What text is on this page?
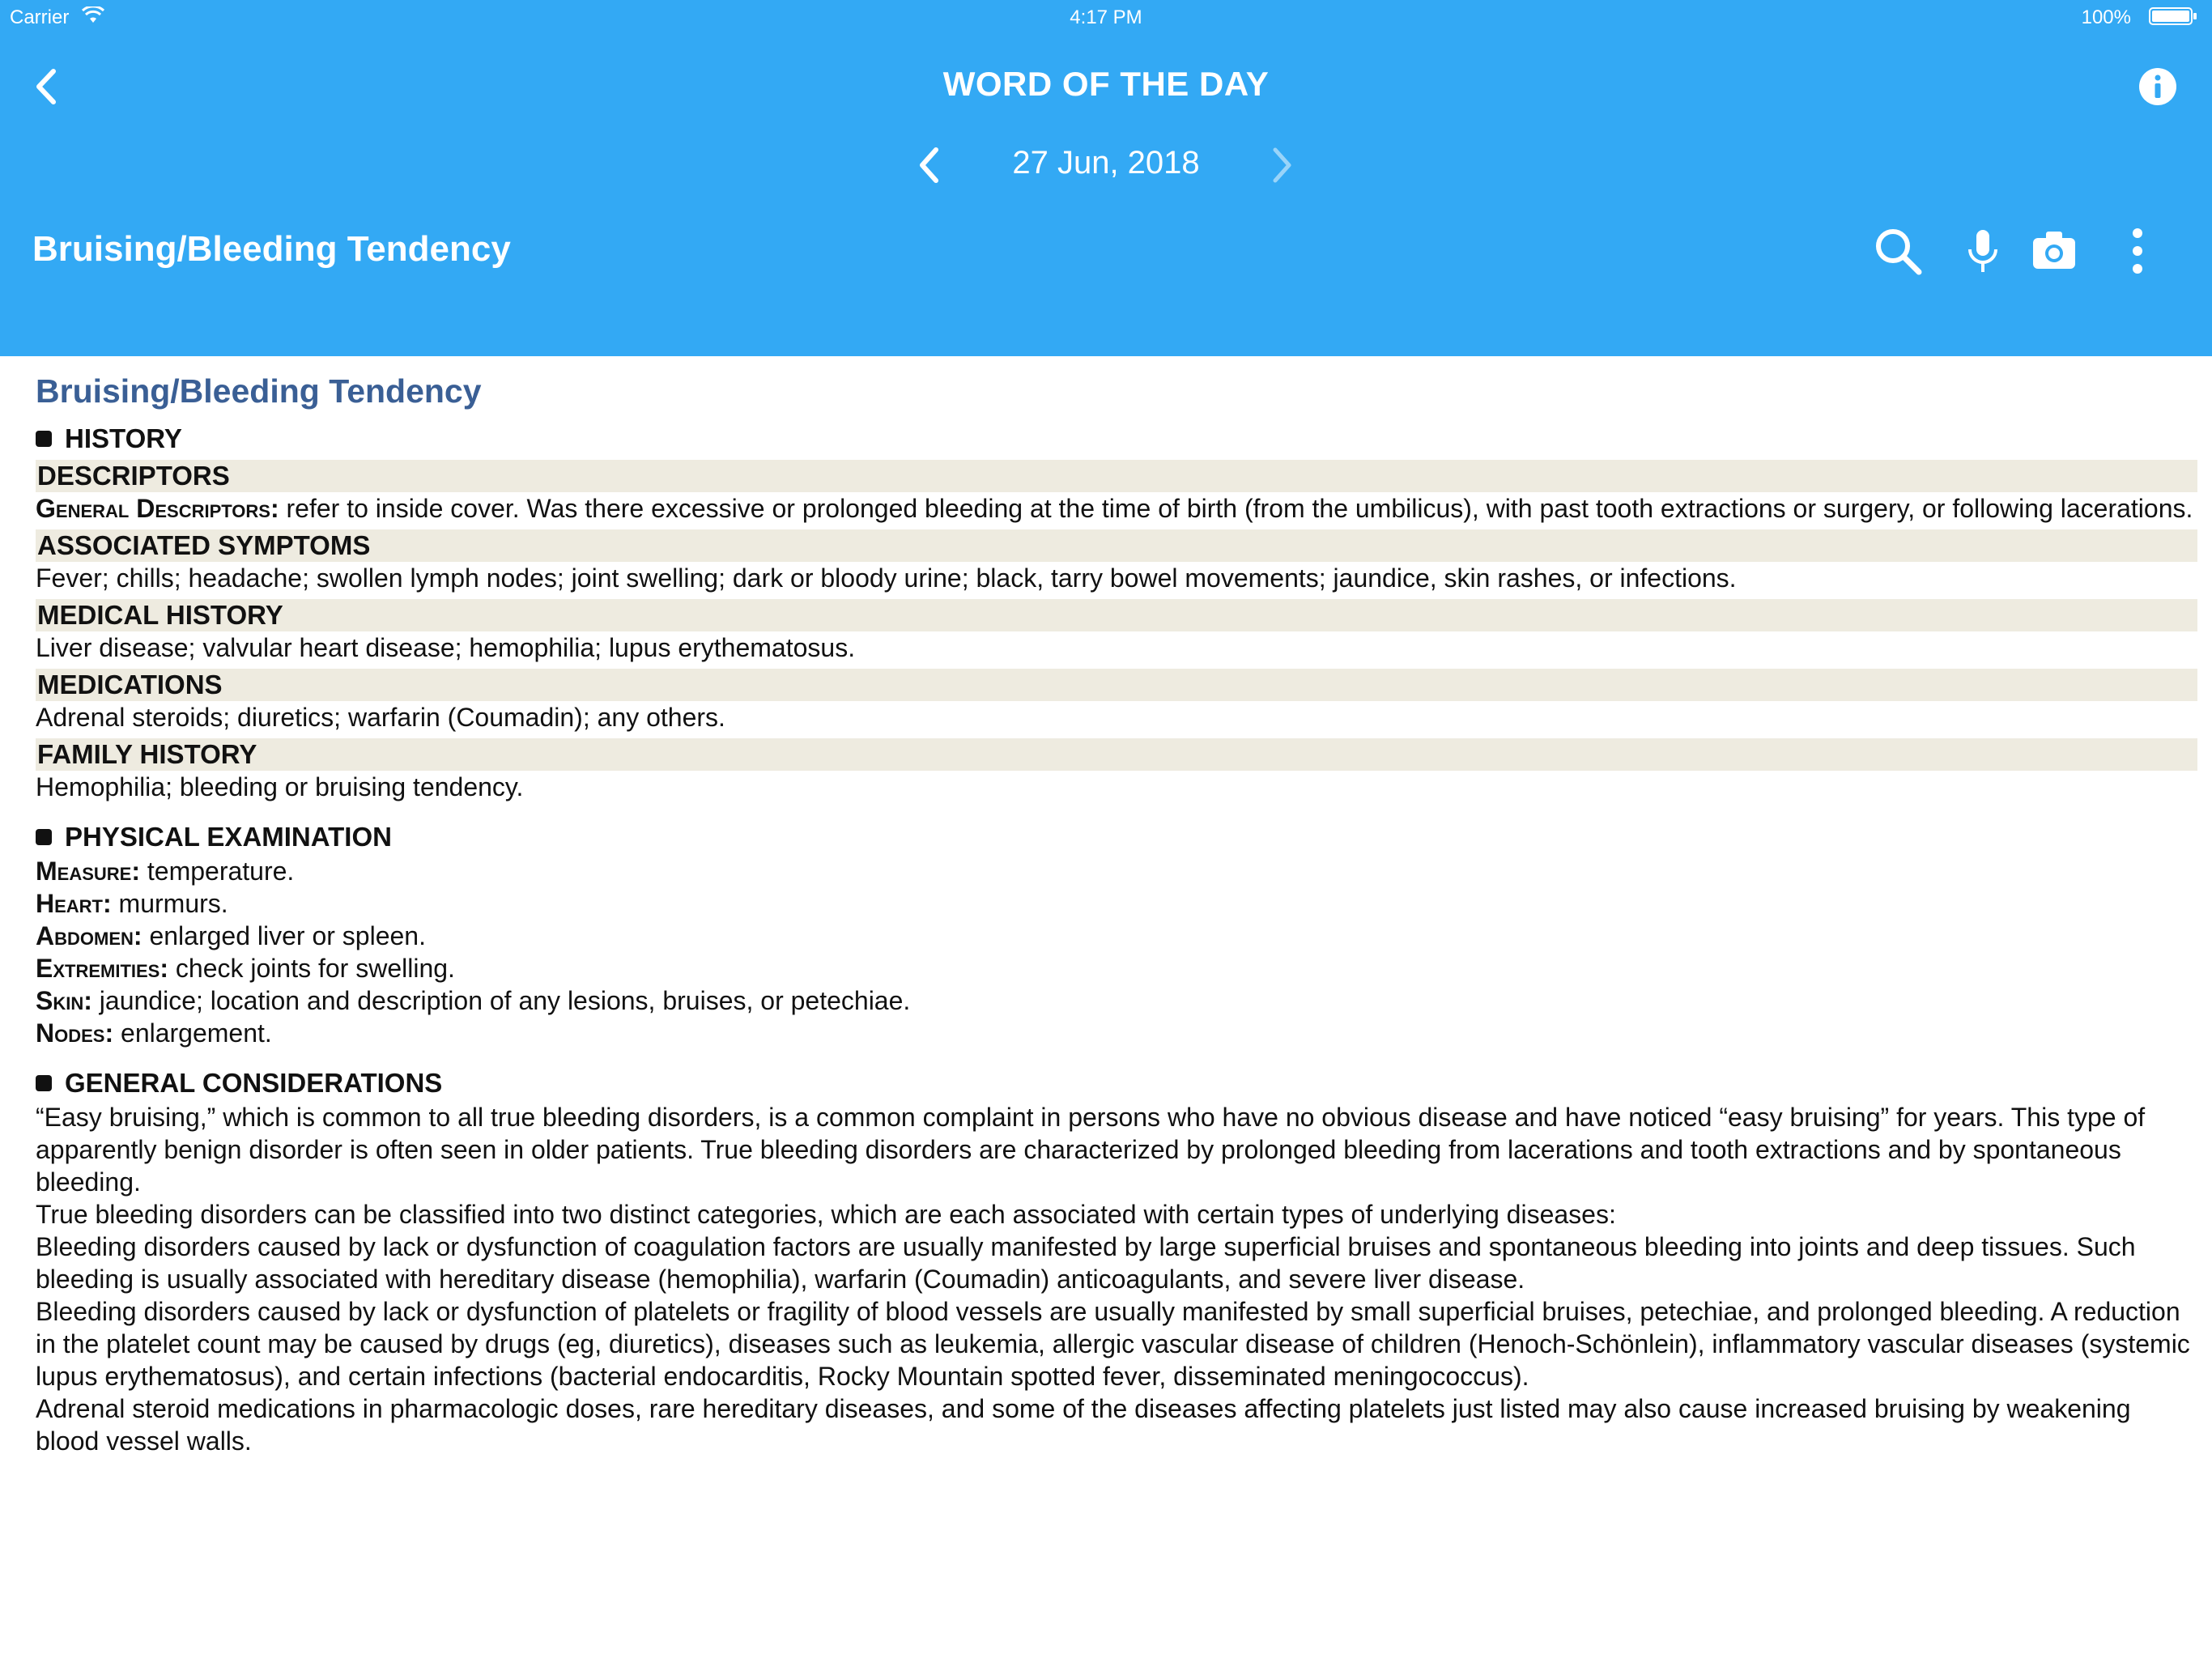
Carrier	4:17 PM	100%
WORD OF THE DAY
27 Jun, 2018
Bruising/Bleeding Tendency
Bruising/Bleeding Tendency
HISTORY
DESCRIPTORS

General Descriptors: refer to inside cover. Was there excessive or prolonged bleeding at the time of birth (from the umbilicus), with past tooth extractions or surgery, or following lacerations.

ASSOCIATED SYMPTOMS

Fever; chills; headache; swollen lymph nodes; joint swelling; dark or bloody urine; black, tarry bowel movements; jaundice, skin rashes, or infections.

MEDICAL HISTORY

Liver disease; valvular heart disease; hemophilia; lupus erythematosus.

MEDICATIONS

Adrenal steroids; diuretics; warfarin (Coumadin); any others.

FAMILY HISTORY

Hemophilia; bleeding or bruising tendency.

PHYSICAL EXAMINATION

Measure: temperature.

Heart: murmurs.

Abdomen: enlarged liver or spleen.

Extremities: check joints for swelling.

Skin: jaundice; location and description of any lesions, bruises, or petechiae.

Nodes: enlargement.

GENERAL CONSIDERATIONS

“Easy bruising,” which is common to all true bleeding disorders, is a common complaint in persons who have no obvious disease and have noticed “easy bruising” for years. This type of apparently benign disorder is often seen in older patients. True bleeding disorders are characterized by prolonged bleeding from lacerations and tooth extractions and by spontaneous bleeding.

True bleeding disorders can be classified into two distinct categories, which are each associated with certain types of underlying diseases:

Bleeding disorders caused by lack or dysfunction of coagulation factors are usually manifested by large superficial bruises and spontaneous bleeding into joints and deep tissues. Such bleeding is usually associated with hereditary disease (hemophilia), warfarin (Coumadin) anticoagulants, and severe liver disease.

Bleeding disorders caused by lack or dysfunction of platelets or fragility of blood vessels are usually manifested by small superficial bruises, petechiae, and prolonged bleeding. A reduction in the platelet count may be caused by drugs (eg, diuretics), diseases such as leukemia, allergic vascular disease of children (Henoch-Schönlein), inflammatory vascular diseases (systemic lupus erythematosus), and certain infections (bacterial endocarditis, Rocky Mountain spotted fever, disseminated meningococcus).

Adrenal steroid medications in pharmacologic doses, rare hereditary diseases, and some of the diseases affecting platelets just listed may also cause increased bruising by weakening blood vessel walls.
